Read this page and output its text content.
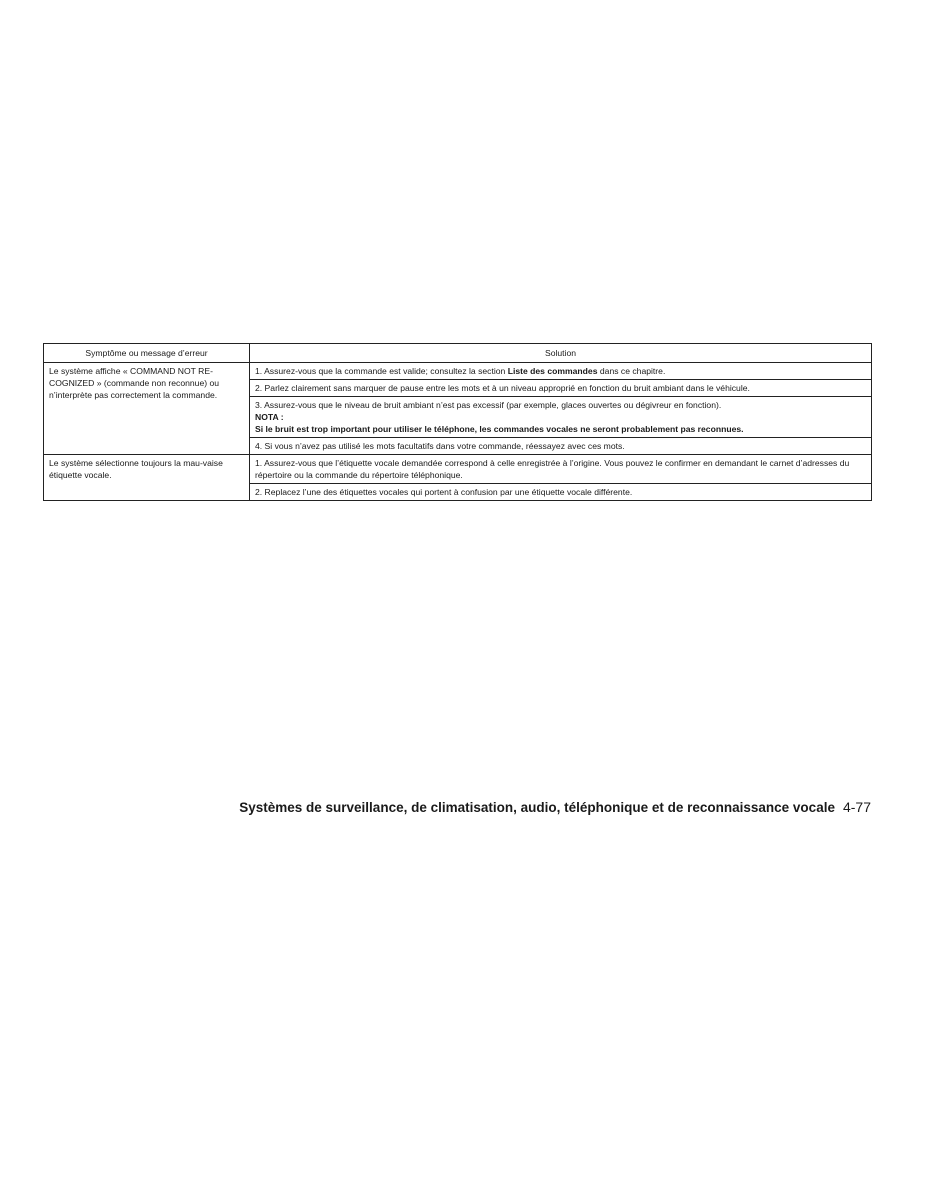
Symptôme ou message d’erreur	Solution
Le système affiche « COMMAND NOT RE-COGNIZED » (commande non reconnue) ou n’interprète pas correctement la commande.	1. Assurez-vous que la commande est valide; consultez la section Liste des commandes dans ce chapitre.
	2. Parlez clairement sans marquer de pause entre les mots et à un niveau approprié en fonction du bruit ambiant dans le véhicule.
	3. Assurez-vous que le niveau de bruit ambiant n’est pas excessif (par exemple, glaces ouvertes ou dégivreur en fonction).
NOTA :
Si le bruit est trop important pour utiliser le téléphone, les commandes vocales ne seront probablement pas reconnues.

	4. Si vous n’avez pas utilisé les mots facultatifs dans votre commande, réessayez avec ces mots.
Le système sélectionne toujours la mau-vaise étiquette vocale.	1. Assurez-vous que l’étiquette vocale demandée correspond à celle enregistrée à l’origine. Vous pouvez le confirmer en demandant le carnet d’adresses du répertoire ou la commande du répertoire téléphonique.
	2. Replacez l’une des étiquettes vocales qui portent à confusion par une étiquette vocale différente.
Systèmes de surveillance, de climatisation, audio, téléphonique et de reconnaissance vocale 4-77
